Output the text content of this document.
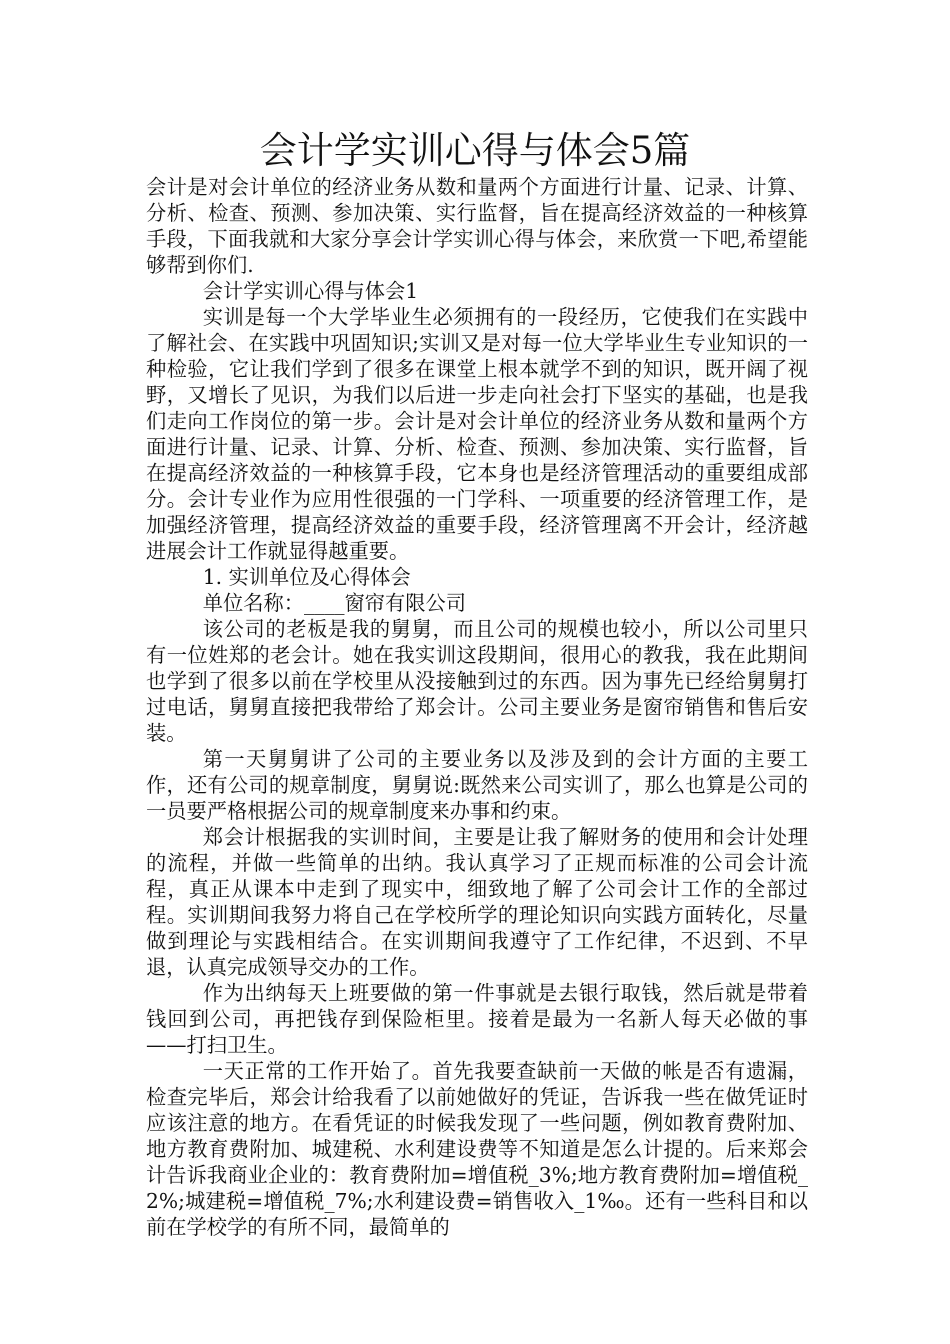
会计学实训心得与体会5篇

会计是对会计单位的经济业务从数和量两个方面进行计量、记录、计算、分析、检查、预测、参加决策、实行监督，旨在提高经济效益的一种核算手段，下面我就和大家分享会计学实训心得与体会，来欣赏一下吧,希望能够帮到你们.

会计学实训心得与体会1

实训是每一个大学毕业生必须拥有的一段经历，它使我们在实践中了解社会、在实践中巩固知识;实训又是对每一位大学毕业生专业知识的一种检验，它让我们学到了很多在课堂上根本就学不到的知识，既开阔了视野，又增长了见识，为我们以后进一步走向社会打下坚实的基础，也是我们走向工作岗位的第一步。会计是对会计单位的经济业务从数和量两个方面进行计量、记录、计算、分析、检查、预测、参加决策、实行监督，旨在提高经济效益的一种核算手段，它本身也是经济管理活动的重要组成部分。会计专业作为应用性很强的一门学科、一项重要的经济管理工作，是加强经济管理，提高经济效益的重要手段，经济管理离不开会计，经济越进展会计工作就显得越重要。

1. 实训单位及心得体会

单位名称：____窗帘有限公司

该公司的老板是我的舅舅，而且公司的规模也较小，所以公司里只有一位姓郑的老会计。她在我实训这段期间，很用心的教我，我在此期间也学到了很多以前在学校里从没接触到过的东西。因为事先已经给舅舅打过电话，舅舅直接把我带给了郑会计。公司主要业务是窗帘销售和售后安装。

第一天舅舅讲了公司的主要业务以及涉及到的会计方面的主要工作，还有公司的规章制度，舅舅说:既然来公司实训了，那么也算是公司的一员要严格根据公司的规章制度来办事和约束。

郑会计根据我的实训时间，主要是让我了解财务的使用和会计处理的流程，并做一些简单的出纳。我认真学习了正规而标准的公司会计流程，真正从课本中走到了现实中，细致地了解了公司会计工作的全部过程。实训期间我努力将自己在学校所学的理论知识向实践方面转化，尽量做到理论与实践相结合。在实训期间我遵守了工作纪律，不迟到、不早退，认真完成领导交办的工作。

作为出纳每天上班要做的第一件事就是去银行取钱，然后就是带着钱回到公司，再把钱存到保险柜里。接着是最为一名新人每天必做的事——打扫卫生。

一天正常的工作开始了。首先我要查缺前一天做的帐是否有遗漏，检查完毕后，郑会计给我看了以前她做好的凭证，告诉我一些在做凭证时应该注意的地方。在看凭证的时候我发现了一些问题，例如教育费附加、地方教育费附加、城建税、水利建设费等不知道是怎么计提的。后来郑会计告诉我商业企业的：教育费附加=增值税_3%;地方教育费附加=增值税_2%;城建税=增值税_7%;水利建设费=销售收入_1‰。还有一些科目和以前在学校学的有所不同，最简单的
